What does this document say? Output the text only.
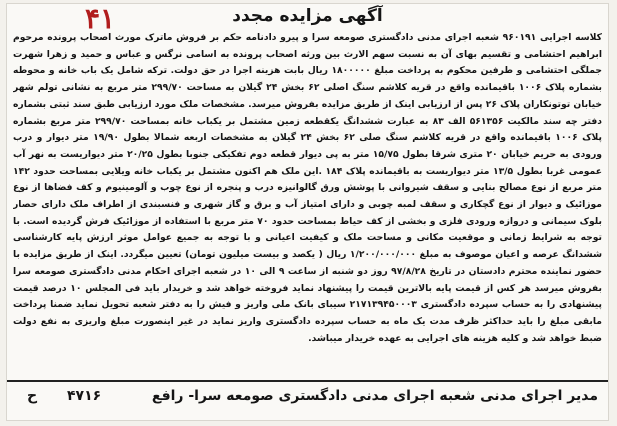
۴۱	آگهی مزایده مجدد

کلاسه اجرایی ۹۶۰۱۹۱ شعبه اجرای مدنی دادگستری صومعه سرا و پیرو دادنامه حکم بر فروش ماترک مورث اصحاب پرونده مرحوم ابراهیم احتشامی و تقسیم بهای آن به نسبت سهم الارث بین ورثه اصحاب پرونده به اسامی نرگس و عباس و حمید و زهرا شهرت جملگی احتشامی و طرفین محکوم به پرداخت مبلغ ۱۸۰۰۰۰۰ ریال بابت هزینه اجرا در حق دولت. ترکه شامل یک باب خانه و محوطه بشماره پلاک ۱۰۰۶ باقیمانده واقع در قریه کلاشم سنگ اصلی ۶۲ بخش ۲۴ گیلان به مساحت ۲۹۹/۷۰ متر مربع به نشانی تولم شهر خیابان توتونکاران پلاک ۲۶ پس از ارزیابی اینک از طریق مزایده بفروش میرسد. مشخصات ملک مورد ارزیابی طبق سند ثبتی بشماره دفتر چه سند مالکیت ۵۶۱۳۵۶ الف ۸۳ به عبارت ششدانگ یکقطعه زمین مشتمل بر یکباب خانه بمساحت ۲۹۹/۷۰ متر مربع بشماره پلاک ۱۰۰۶ باقیمانده واقع در قریه کلاشم سنگ صلی ۶۲ بخش ۲۴ گیلان به مشخصات اربعه شمالا بطول ۱۹/۹۰ متر دیوار و درب ورودی به حریم خیابان ۲۰ متری شرقا بطول ۱۵/۷۵ متر به پی دیوار قطعه دوم تفکیکی جنوبا بطول ۲۰/۲۵ متر دیواریست به نهر آب عمومی غربا بطول ۱۳/۵ متر دیواریست به باقیمانده پلاک ۱۸۴ .این ملک هم اکنون مشتمل بر یکباب خانه ویلایی بمساحت حدود ۱۴۲ متر مربع از نوع مصالح بنایی و سقف شیروانی با پوشش ورق گالوانیزه درب و پنجره از نوع چوب و آلومینیوم و کف فضاها از نوع موزائیک و دیوار از نوع گچکاری و سقف لمبه چوبی و دارای امتیاز آب و برق و گاز شهری و فنسبندی از اطراف ملک دارای حصار بلوک سیمانی و دروازه ورودی فلزی و بخشی از کف حیاط بمساحت حدود ۷۰ متر مربع با استفاده از موزائیک فرش گردیده است. با توجه به شرایط زمانی و موقعیت مکانی و مساحت ملک و کیفیت اعیانی و با توجه به جمیع عوامل موثر ارزش پایه کارشناسی ششدانگ عرصه و اعیان موصوف به مبلغ ۱/۲۰۰/۰۰۰/۰۰۰ ریال ( یکصد و بیست میلیون تومان) تعیین میگردد. اینک از طریق مزایده با حضور نماینده محترم دادستان در تاریخ ۹۷/۸/۲۸ روز دو شنبه از ساعت ۹ الی ۱۰ در شعبه اجرای احکام مدنی دادگستری صومعه سرا بفروش میرسد هر کس از قیمت پایه بالاترین قیمت را پیشنهاد نماید فروخته خواهد شد و خریدار باید فی المجلس ۱۰ درصد قیمت پیشنهادی را به حساب سپرده دادگستری ۲۱۷۱۳۹۴۵۰۰۰۳ سیبای بانک ملی واریز و فیش را به دفتر شعبه تحویل نماید ضمنا پرداخت مابقی مبلغ را باید حداکثر ظرف مدت یک ماه به حساب سپرده دادگستری واریز نماید در غیر اینصورت مبلغ واریزی به نفع دولت ضبط خواهد شد و کلیه هزینه های اجرایی به عهده خریدار میباشد.

مدیر اجرای مدنی شعبه اجرای مدنی دادگستری صومعه سرا- رافع
۴۷۱۶
ح
